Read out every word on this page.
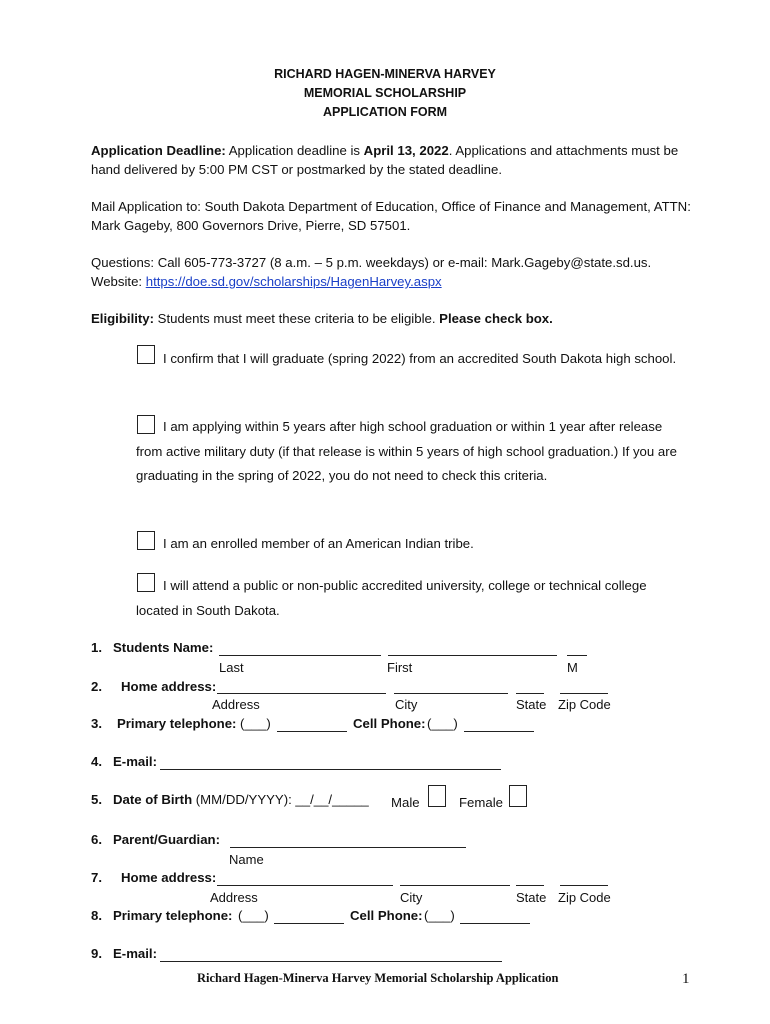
RICHARD HAGEN-MINERVA HARVEY
MEMORIAL SCHOLARSHIP
APPLICATION FORM
Application Deadline: Application deadline is April 13, 2022. Applications and attachments must be hand delivered by 5:00 PM CST or postmarked by the stated deadline.
Mail Application to: South Dakota Department of Education, Office of Finance and Management, ATTN: Mark Gageby, 800 Governors Drive, Pierre, SD 57501.
Questions: Call 605-773-3727 (8 a.m. – 5 p.m. weekdays) or e-mail: Mark.Gageby@state.sd.us.
Website: https://doe.sd.gov/scholarships/HagenHarvey.aspx
Eligibility: Students must meet these criteria to be eligible. Please check box.
I confirm that I will graduate (spring 2022) from an accredited South Dakota high school.
I am applying within 5 years after high school graduation or within 1 year after release from active military duty (if that release is within 5 years of high school graduation.) If you are graduating in the spring of 2022, you do not need to check this criteria.
I am an enrolled member of an American Indian tribe.
I will attend a public or non-public accredited university, college or technical college located in South Dakota.
1. Students Name:
Last	First	M
2. Home address:
Address	City	State Zip Code
3. Primary telephone: (___)	Cell Phone: (___)
4. E-mail:
5. Date of Birth (MM/DD/YYYY): __/__/_____ Male	Female
6. Parent/Guardian:
Name
7. Home address:
Address	City	State Zip Code
8. Primary telephone: (___)	Cell Phone: (___)
9. E-mail:
Richard Hagen-Minerva Harvey Memorial Scholarship Application	1
